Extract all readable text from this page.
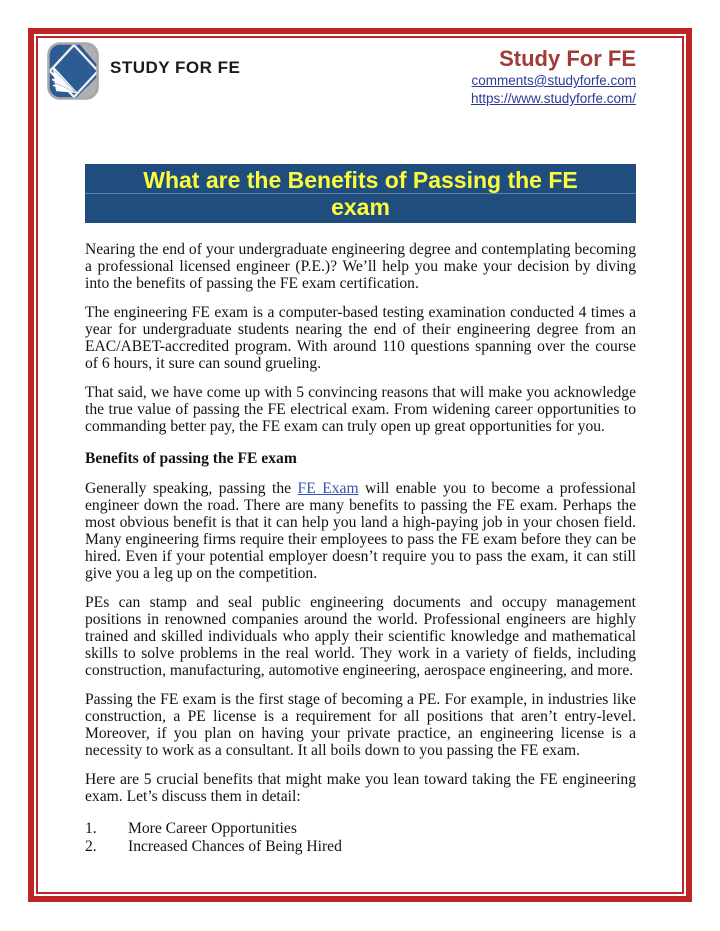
STUDY FOR FE	Study For FE
comments@studyforfe.com
https://www.studyforfe.com/
What are the Benefits of Passing the FE
exam

Nearing the end of your undergraduate engineering degree and contemplating becoming a professional licensed engineer (P.E.)? We’ll help you make your decision by diving into the benefits of passing the FE exam certification.

The engineering FE exam is a computer-based testing examination conducted 4 times a year for undergraduate students nearing the end of their engineering degree from an EAC/ABET-accredited program. With around 110 questions spanning over the course of 6 hours, it sure can sound grueling.

That said, we have come up with 5 convincing reasons that will make you acknowledge the true value of passing the FE electrical exam. From widening career opportunities to commanding better pay, the FE exam can truly open up great opportunities for you.

Benefits of passing the FE exam

Generally speaking, passing the FE Exam will enable you to become a professional engineer down the road. There are many benefits to passing the FE exam. Perhaps the most obvious benefit is that it can help you land a high-paying job in your chosen field. Many engineering firms require their employees to pass the FE exam before they can be hired. Even if your potential employer doesn’t require you to pass the exam, it can still give you a leg up on the competition.

PEs can stamp and seal public engineering documents and occupy management positions in renowned companies around the world. Professional engineers are highly trained and skilled individuals who apply their scientific knowledge and mathematical skills to solve problems in the real world. They work in a variety of fields, including construction, manufacturing, automotive engineering, aerospace engineering, and more.

Passing the FE exam is the first stage of becoming a PE. For example, in industries like construction, a PE license is a requirement for all positions that aren’t entry-level. Moreover, if you plan on having your private practice, an engineering license is a necessity to work as a consultant. It all boils down to you passing the FE exam.

Here are 5 crucial benefits that might make you lean toward taking the FE engineering exam. Let’s discuss them in detail:

1.	More Career Opportunities
2.	Increased Chances of Being Hired
